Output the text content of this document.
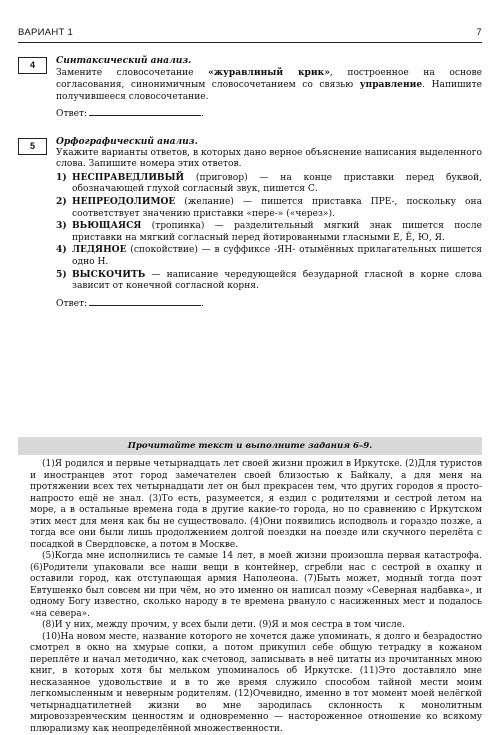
ВАРИАНТ 1	7
4	Синтаксический анализ.

Замените словосочетание «журавлиный крик», построенное на основе согласования, синонимичным словосочетанием со связью управление. Напишите получившееся словосочетание.

Ответ:	.
5	Орфографический анализ.

Укажите варианты ответов, в которых дано верное объяснение написания выделенного слова. Запишите номера этих ответов.

1) НЕСПРАВЕДЛИВЫЙ (приговор) — на конце приставки перед буквой, обозначающей глухой согласный звук, пишется С.
2) НЕПРЕОДОЛИМОЕ (желание) — пишется приставка ПРЕ-, поскольку она соответствует значению приставки «пере-» («через»).
3) ВЬЮЩАЯСЯ (тропинка) — разделительный мягкий знак пишется после приставки на мягкий согласный перед йотированными гласными Е, Ё, Ю, Я.
4) ЛЕДЯНОЕ (спокойствие) — в суффиксе -ЯН- отымённых прилагательных пишется одно Н.
5) ВЫСКОЧИТЬ — написание чередующейся безударной гласной в корне слова зависит от конечной согласной корня.
Ответ:	.
Прочитайте текст и выполните задания 6–9.

(1)Я родился и первые четырнадцать лет своей жизни прожил в Иркутске. (2)Для туристов и иностранцев этот город замечателен своей близостью к Байкалу, а для меня на протяжении всех тех четырнадцати лет он был прекрасен тем, что других городов я просто-напросто ещё не знал. (3)То есть, разумеется, я ездил с родителями и сестрой летом на море, а в остальные времена года в другие какие-то города, но по сравнению с Иркутском этих мест для меня как бы не существовало. (4)Они появились исподволь и гораздо позже, а тогда все они были лишь продолжением долгой поездки на поезде или скучного перелёта с посадкой в Свердловске, а потом в Москве.

(5)Когда мне исполнились те самые 14 лет, в моей жизни произошла первая катастрофа. (6)Родители упаковали все наши вещи в контейнер, сгребли нас с сестрой в охапку и оставили город, как отступающая армия Наполеона. (7)Быть может, модный тогда поэт Евтушенко был совсем ни при чём, но это именно он написал поэму «Северная надбавка», и одному Богу известно, сколько народу в те времена рвануло с насиженных мест и подалось «на севера».

(8)И у них, между прочим, у всех были дети. (9)Я и моя сестра в том числе.

(10)На новом месте, название которого не хочется даже упоминать, я долго и безрадостно смотрел в окно на хмурые сопки, а потом прикупил себе общую тетрадку в кожаном переплёте и начал методично, как счетовод, записывать в неё цитаты из прочитанных мною книг, в которых хотя бы мельком упоминалось об Иркутске. (11)Это доставляло мне несказанное удовольствие и в то же время служило способом тайной мести моим легкомысленным и неверным родителям. (12)Очевидно, именно в тот момент моей нелёгкой четырнадцатилетней жизни во мне зародилась склонность к монолитным мировоззренческим ценностям и одновременно — настороженное отношение ко всякому плюрализму как неопределённой множественности.
